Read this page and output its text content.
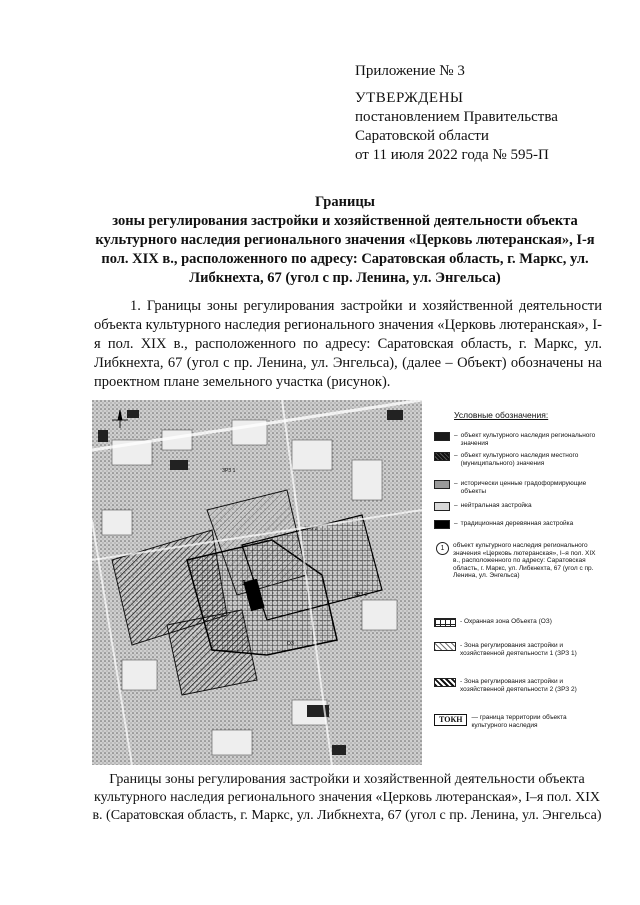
Приложение № 3
УТВЕРЖДЕНЫ
постановлением Правительства
Саратовской области
от 11 июля 2022 года № 595-П
Границы
зоны регулирования застройки и хозяйственной деятельности объекта культурного наследия регионального значения «Церковь лютеранская», I-я пол. XIX в., расположенного по адресу: Саратовская область, г. Маркс, ул. Либкнехта, 67 (угол с пр. Ленина, ул. Энгельса)
1. Границы зоны регулирования застройки и хозяйственной деятельности объекта культурного наследия регионального значения «Церковь лютеранская», I-я пол. XIX в., расположенного по адресу: Саратовская область, г. Маркс, ул. Либкнехта, 67 (угол с пр. Ленина, ул. Энгельса), (далее – Объект) обозначены на проектном плане земельного участка (рисунок).
1
ЗРЗ 1
ЗРЗ 2
ЗРЗ 3
ОЗ
Условные обозначения:
– объект культурного наследия регионального значения
– объект культурного наследия местного (муниципального) значения
– исторически ценные градоформирующие объекты
– нейтральная застройка
– традиционная деревянная застройка
1	объект культурного наследия регионального значения «Церковь лютеранская», I–я пол. XIX в., расположенного по адресу: Саратовская область, г. Маркс, ул. Либкнехта, 67 (угол с пр. Ленина, ул. Энгельса)
- Охранная зона Объекта (ОЗ)
- Зона регулирования застройки и хозяйственной деятельности 1 (ЗРЗ 1)
- Зона регулирования застройки и хозяйственной деятельности 2 (ЗРЗ 2)
ТОКН	— граница территории объекта культурного наследия
Границы зоны регулирования застройки и хозяйственной деятельности объекта культурного наследия регионального значения «Церковь лютеранская», I–я пол. XIX в. (Саратовская область, г. Маркс, ул. Либкнехта, 67 (угол с пр. Ленина, ул. Энгельса)
